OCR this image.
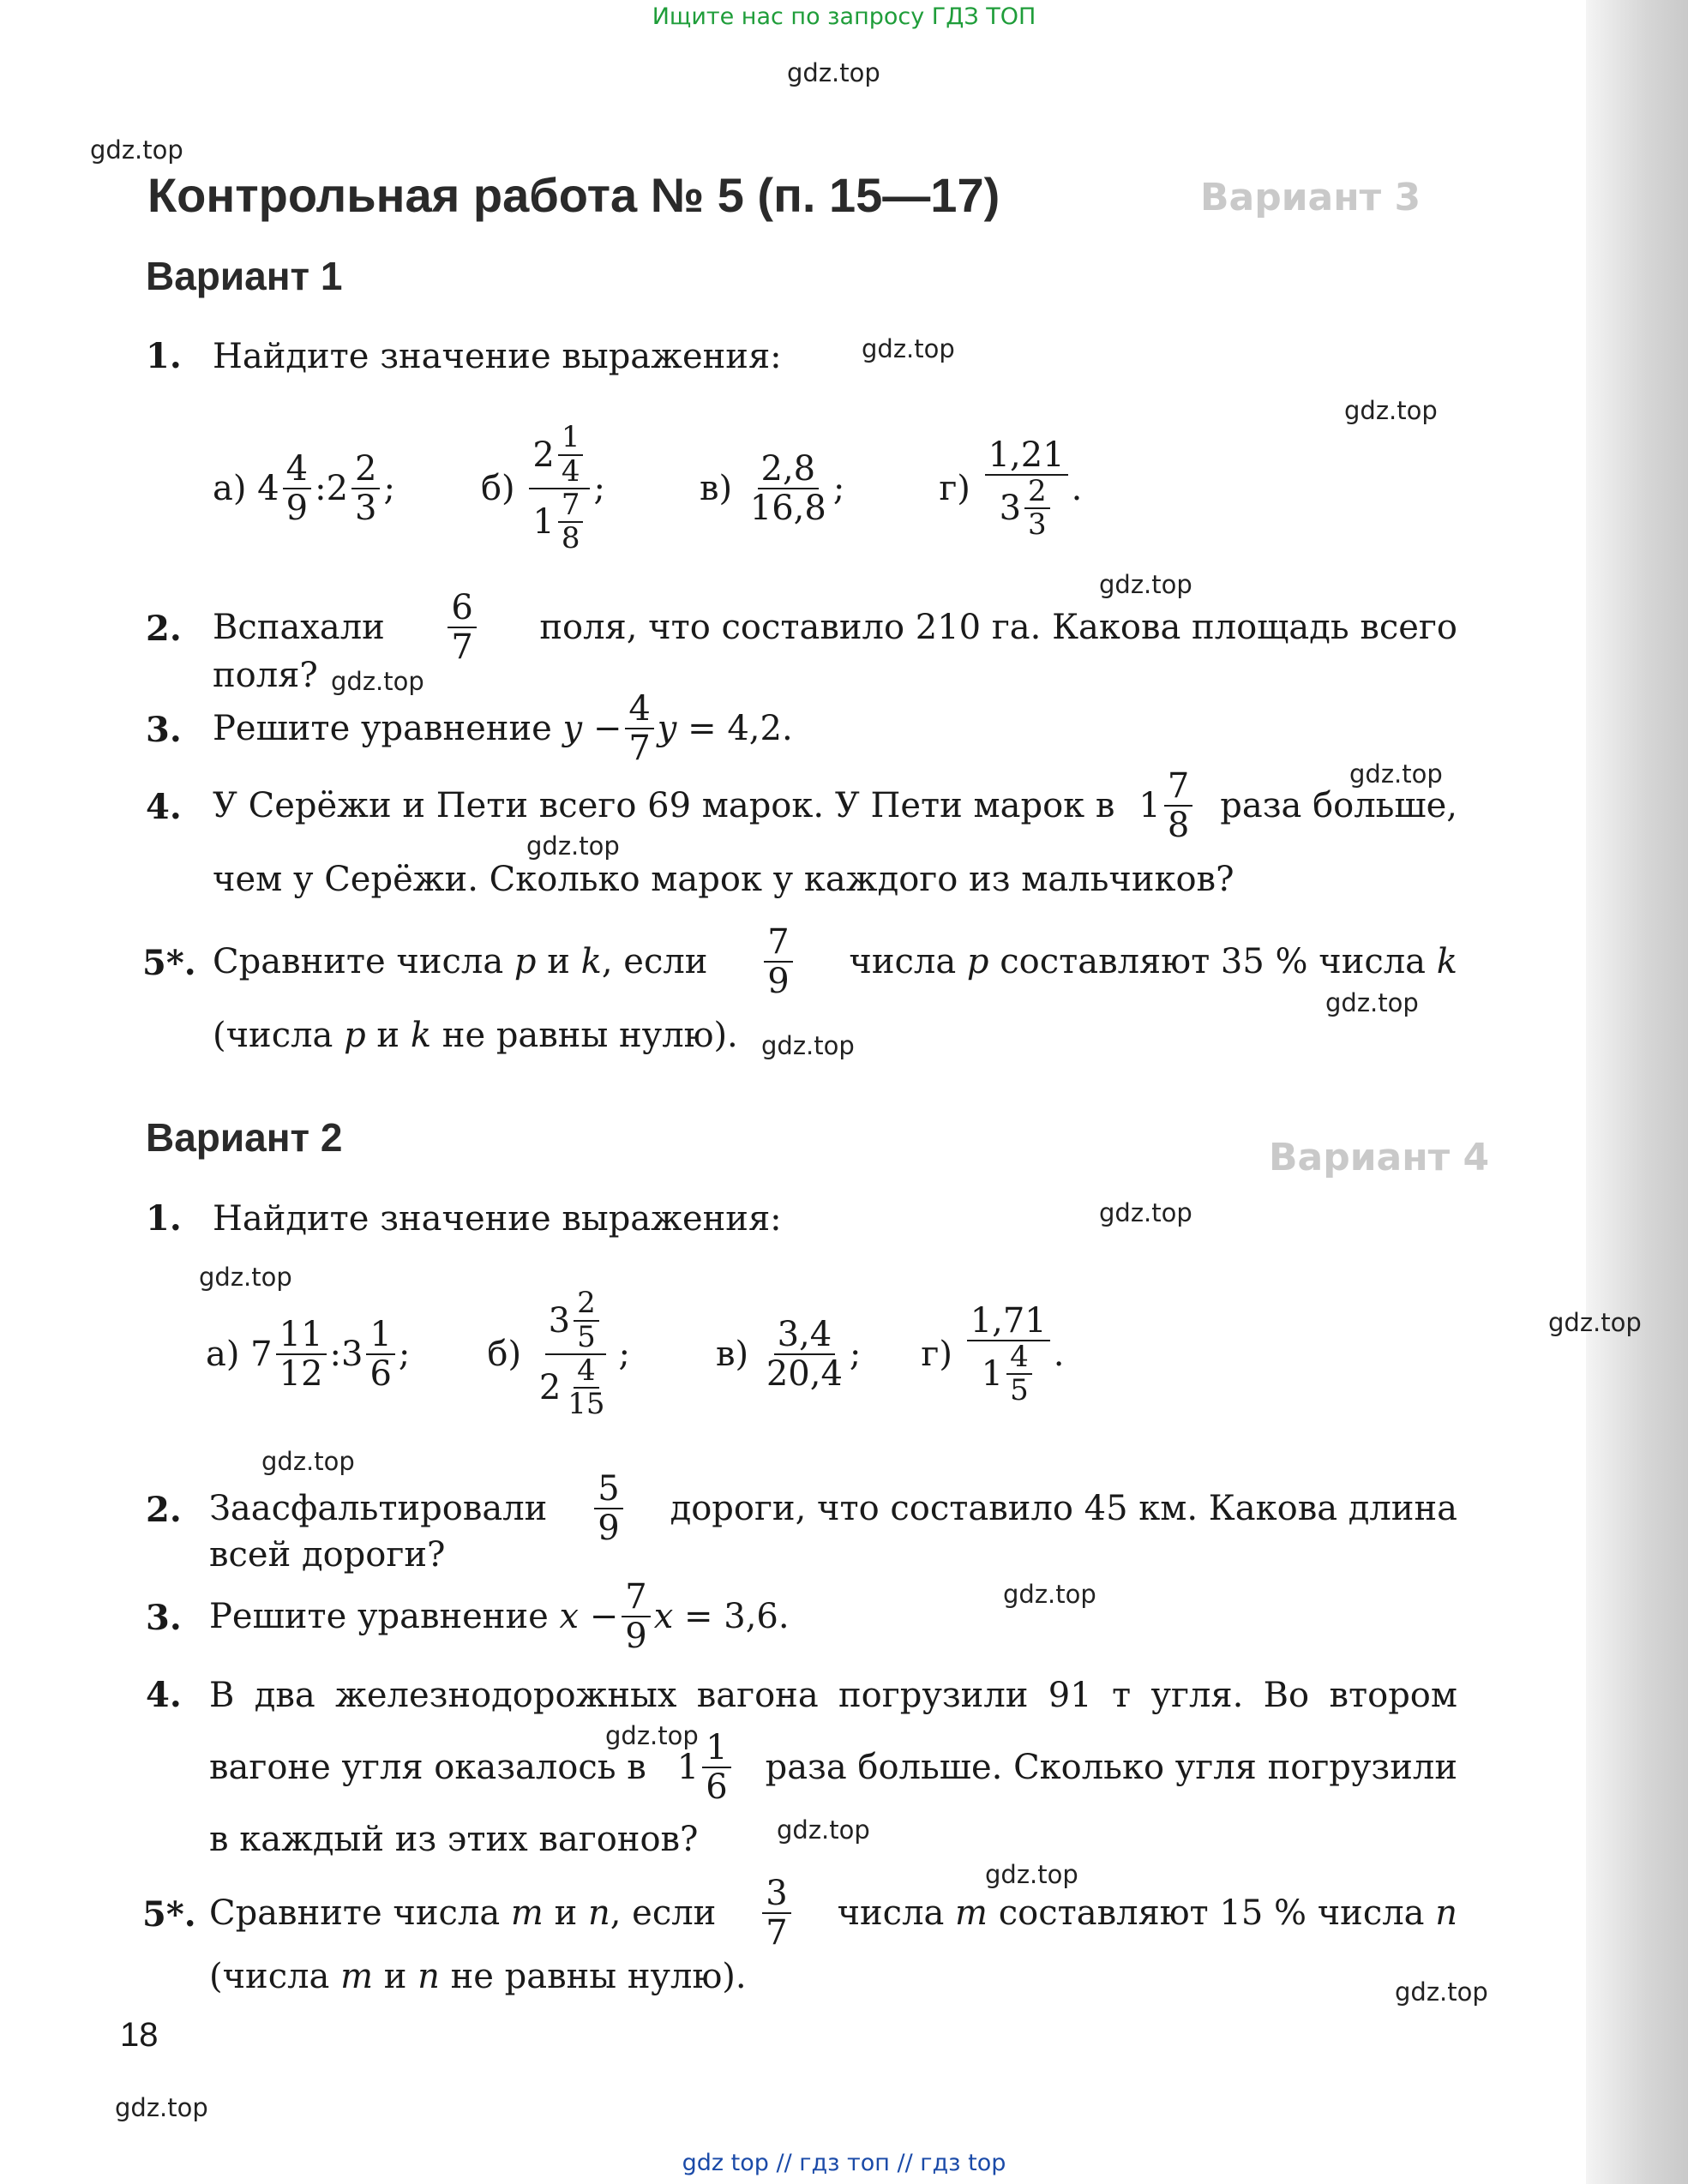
Вариант 3
Вариант 4
Ищите нас по запросу ГДЗ ТОП
gdz top // гдз топ // гдз top
gdz.top
gdz.top
gdz.top
gdz.top
gdz.top
gdz.top
gdz.top
gdz.top
gdz.top
gdz.top
gdz.top
gdz.top
gdz.top
gdz.top
gdz.top
gdz.top
gdz.top
gdz.top
gdz.top
gdz.top
Контрольная работа № 5 (п. 15—17)
Вариант 1
1. Найдите значение выражения:
а)
$4 \frac{4}{9}$ : $2 \frac{2}{3}$ ;	б)
$\frac{2 \frac{1}{4}}{1 \frac{7}{8}}$ ;	в)
$\frac{2,8}{16,8}$ ;	г)
$\frac{1,21}{3 \frac{2}{3}}$ .
2. Вспахали $\frac{6}{7}$ поля, что составило 210 га. Какова площадь всего
поля?
3. Решите уравнение
y
− $\frac{4}{7}$ y
= 4,2.
4. У Серёжи и Пети всего 69 марок. У Пети марок в $1 \frac{7}{8}$ раза больше,
чем у Серёжи. Сколько марок у каждого из мальчиков?
5*. Сравните числа p и k, если $\frac{7}{9}$ числа p составляют 35 % числа k
(числа p и k не равны нулю).
Вариант 2
1. Найдите значение выражения:
а)
$7 \frac{11}{12}$ : $3 \frac{1}{6}$ ; б)
$\frac{3 \frac{2}{5}}{2 \frac{4}{15}}$ ;	в)
$\frac{3,4}{20,4}$ ; г)
$\frac{1,71}{1 \frac{4}{5}}$ .
2. Заасфальтировали $\frac{5}{9}$ дороги, что составило 45 км. Какова длина
всей дороги?
3. Решите уравнение
x
− $\frac{7}{9}$ x
= 3,6.
4. В два железнодорожных вагона погрузили 91 т угля. Во втором
вагоне угля оказалось в $1 \frac{1}{6}$ раза больше. Сколько угля погрузили
в каждый из этих вагонов?
5*. Сравните числа m и n, если $\frac{3}{7}$ числа m составляют 15 % числа n
(числа m и n не равны нулю).
18
